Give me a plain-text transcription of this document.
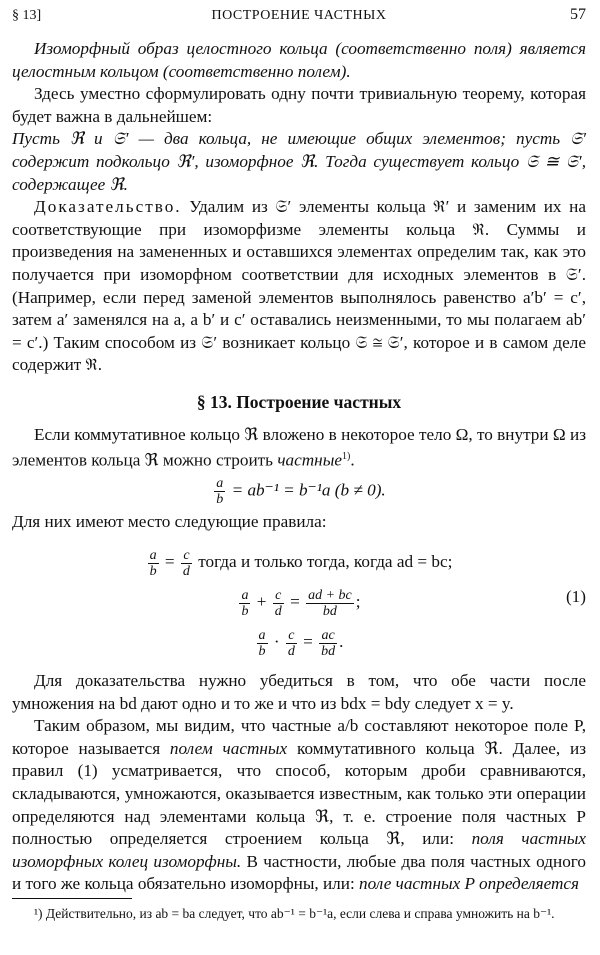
§ 13]	ПОСТРОЕНИЕ ЧАСТНЫХ	57

Изоморфный образ целостного кольца (соответственно поля) является целостным кольцом (соответственно полем).

Здесь уместно сформулировать одну почти тривиальную теорему, которая будет важна в дальнейшем:

Пусть ℜ и 𝔖′ — два кольца, не имеющие общих элементов; пусть 𝔖′ содержит подкольцо ℜ′, изоморфное ℜ. Тогда существует кольцо 𝔖 ≅ 𝔖′, содержащее ℜ.

Доказательство. Удалим из 𝔖′ элементы кольца ℜ′ и заменим их на соответствующие при изоморфизме элементы кольца ℜ. Суммы и произведения на замененных и оставшихся элементах определим так, как это получается при изоморфном соответствии для исходных элементов в 𝔖′. (Например, если перед заменой элементов выполнялось равенство a′b′ = c′, затем a′ заменялся на a, а b′ и c′ оставались неизменными, то мы полагаем ab′ = c′.) Таким способом из 𝔖′ возникает кольцо 𝔖 ≅ 𝔖′, которое и в самом деле содержит ℜ.

§ 13. Построение частных

Если коммутативное кольцо ℜ вложено в некоторое тело Ω, то внутри Ω из элементов кольца ℜ можно строить частные$^{1)}$.

$\frac{a}{b} = ab^{-1} = b^{-1}a$ (b ≠ 0).

Для них имеют место следующие правила:

$\frac{a}{b} = \frac{c}{d}$ тогда и только тогда, когда ad = bc;
$\frac{a}{b} + \frac{c}{d} = \frac{ad + bc}{bd}$ ;
$\frac{a}{b} \cdot \frac{c}{d} = \frac{ac}{bd}$ .
(1)

Для доказательства нужно убедиться в том, что обе части после умножения на bd дают одно и то же и что из bdx = bdy следует x = y.

Таким образом, мы видим, что частные a/b составляют некоторое поле P, которое называется полем частных коммутативного кольца ℜ. Далее, из правил (1) усматривается, что способ, которым дроби сравниваются, складываются, умножаются, оказывается известным, как только эти операции определяются над элементами кольца ℜ, т. е. строение поля частных P полностью определяется строением кольца ℜ, или: поля частных изоморфных колец изоморфны. В частности, любые два поля частных одного и того же кольца обязательно изоморфны, или: поле частных P определяется

¹) Действительно, из ab = ba следует, что ab⁻¹ = b⁻¹a, если слева и справа умножить на b⁻¹.
